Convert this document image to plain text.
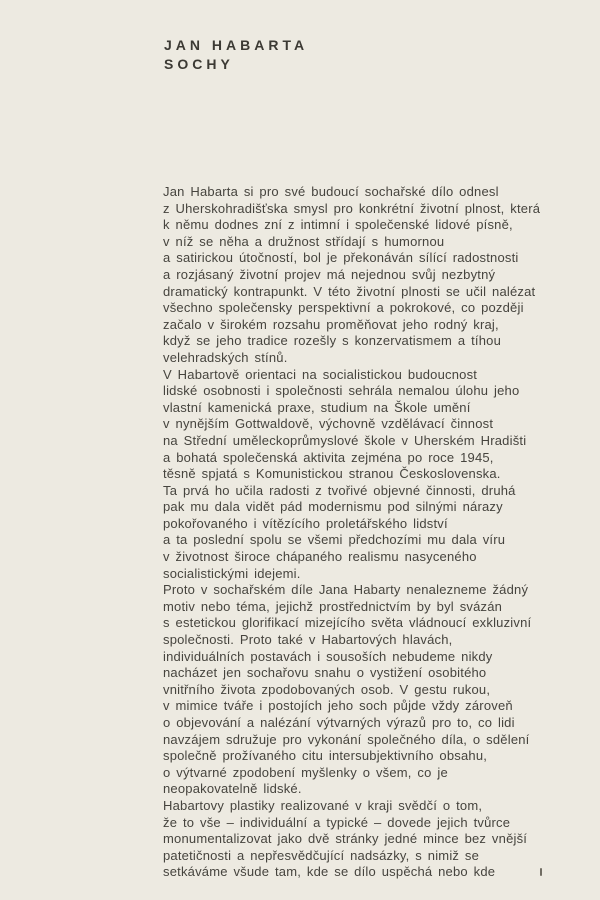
JAN HABARTA
SOCHY
Jan Habarta si pro své budoucí sochařské dílo odnesl
z Uherskohradišťska smysl pro konkrétní životní plnost, která
k němu dodnes zní z intimní i společenské lidové písně,
v níž se něha a družnost střídají s humornou
a satirickou útočností, bol je překonáván sílící radostnosti
a rozjásaný životní projev má nejednou svůj nezbytný
dramatický kontrapunkt. V této životní plnosti se učil nalézat
všechno společensky perspektivní a pokrokové, co později
začalo v širokém rozsahu proměňovat jeho rodný kraj,
když se jeho tradice rozešly s konzervatismem a tíhou
velehradských stínů.
V Habartově orientaci na socialistickou budoucnost
lidské osobnosti i společnosti sehrála nemalou úlohu jeho
vlastní kamenická praxe, studium na Škole umění
v nynějším Gottwaldově, výchovně vzdělávací činnost
na Střední uměleckoprůmyslové škole v Uherském Hradišti
a bohatá společenská aktivita zejména po roce 1945,
těsně spjatá s Komunistickou stranou Československa.
Ta prvá ho učila radosti z tvořivé objevné činnosti, druhá
pak mu dala vidět pád modernismu pod silnými nárazy
pokořovaného i vítězícího proletářského lidství
a ta poslední spolu se všemi předchozími mu dala víru
v životnost široce chápaného realismu nasyceného
socialistickými idejemi.
Proto v sochařském díle Jana Habarty nenalezneme žádný
motiv nebo téma, jejichž prostřednictvím by byl svázán
s estetickou glorifikací mizejícího světa vládnoucí exkluzivní
společnosti. Proto také v Habartových hlavách,
individuálních postavách i sousoších nebudeme nikdy
nacházet jen sochařovu snahu o vystižení osobitého
vnitřního života zpodobovaných osob. V gestu rukou,
v mimice tváře i postojích jeho soch půjde vždy zároveň
o objevování a nalézání výtvarných výrazů pro to, co lidi
navzájem sdružuje pro vykonání společného díla, o sdělení
společně prožívaného citu intersubjektivního obsahu,
o výtvarné zpodobení myšlenky o všem, co je
neopakovatelně lidské.
Habartovy plastiky realizované v kraji svědčí o tom,
že to vše – individuální a typické – dovede jejich tvůrce
monumentalizovat jako dvě stránky jedné mince bez vnější
patetičnosti a nepřesvědčující nadsázky, s nimiž se
setkáváme všude tam, kde se dílo uspěchá nebo kde
